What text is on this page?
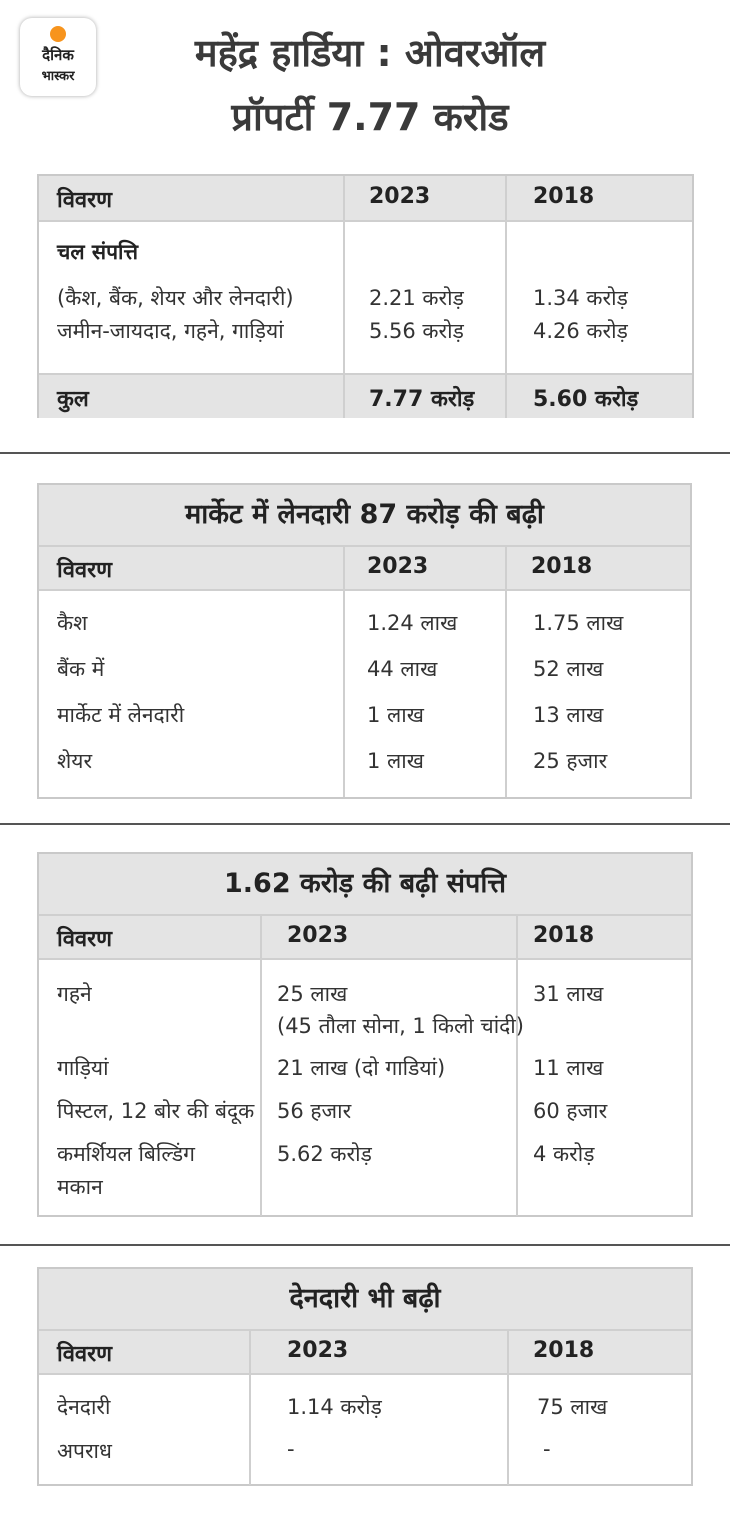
दैनिक
भास्कर
महेंद्र हार्डिया : ओवरऑल
प्रॉपर्टी 7.77 करोड
विवरण	2023	2018
चल संपत्ति
(कैश, बैंक, शेयर और लेनदारी)	2.21 करोड़	1.34 करोड़
जमीन-जायदाद, गहने, गाड़ियां	5.56 करोड़	4.26 करोड़
कुल	7.77 करोड़	5.60 करोड़
मार्केट में लेनदारी 87 करोड़ की बढ़ी
विवरण	2023	2018
कैश	1.24 लाख	1.75 लाख
बैंक में	44 लाख	52 लाख
मार्केट में लेनदारी	1 लाख	13 लाख
शेयर	1 लाख	25 हजार
1.62 करोड़ की बढ़ी संपत्ति
विवरण	2023	2018
गहने	25 लाख	31 लाख
(45 तौला सोना, 1 किलो चांदी)
गाड़ियां	21 लाख (दो गाडियां)	11 लाख
पिस्टल, 12 बोर की बंदूक 56 हजार	60 हजार
कमर्शियल बिल्डिंग	5.62 करोड़	4 करोड़
मकान
देनदारी भी बढ़ी
विवरण	2023	2018
देनदारी	1.14 करोड़	75 लाख
अपराध	-	-
